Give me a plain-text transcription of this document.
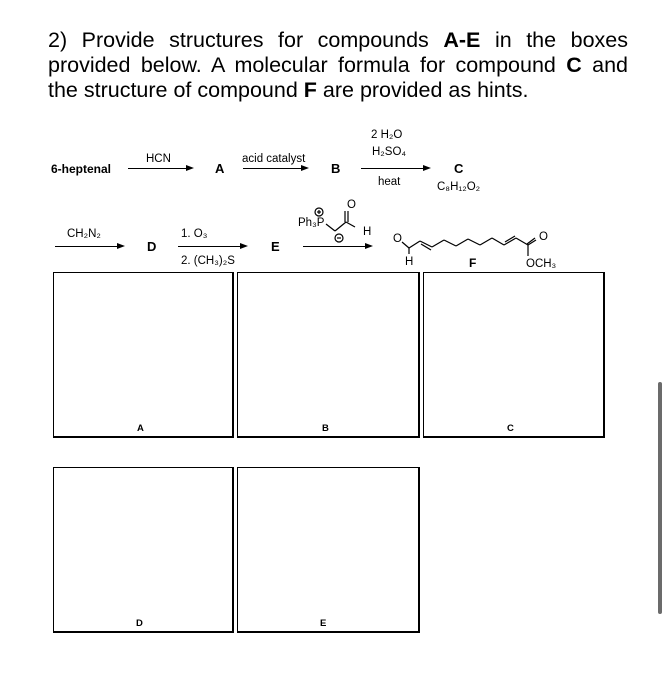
2) Provide structures for compounds A-E in the boxes provided below. A molecular formula for compound C and the structure of compound F are provided as hints.
6-heptenal
HCN
A
acid catalyst
B
2 H₂O
H₂SO₄
heat
C
C₈H₁₂O₂
CH₂N₂
D
1. O₃
2. (CH₃)₂S
E
Ph₃P
H
O
O
H	F
O
OCH₃
A	B	C
D	E
